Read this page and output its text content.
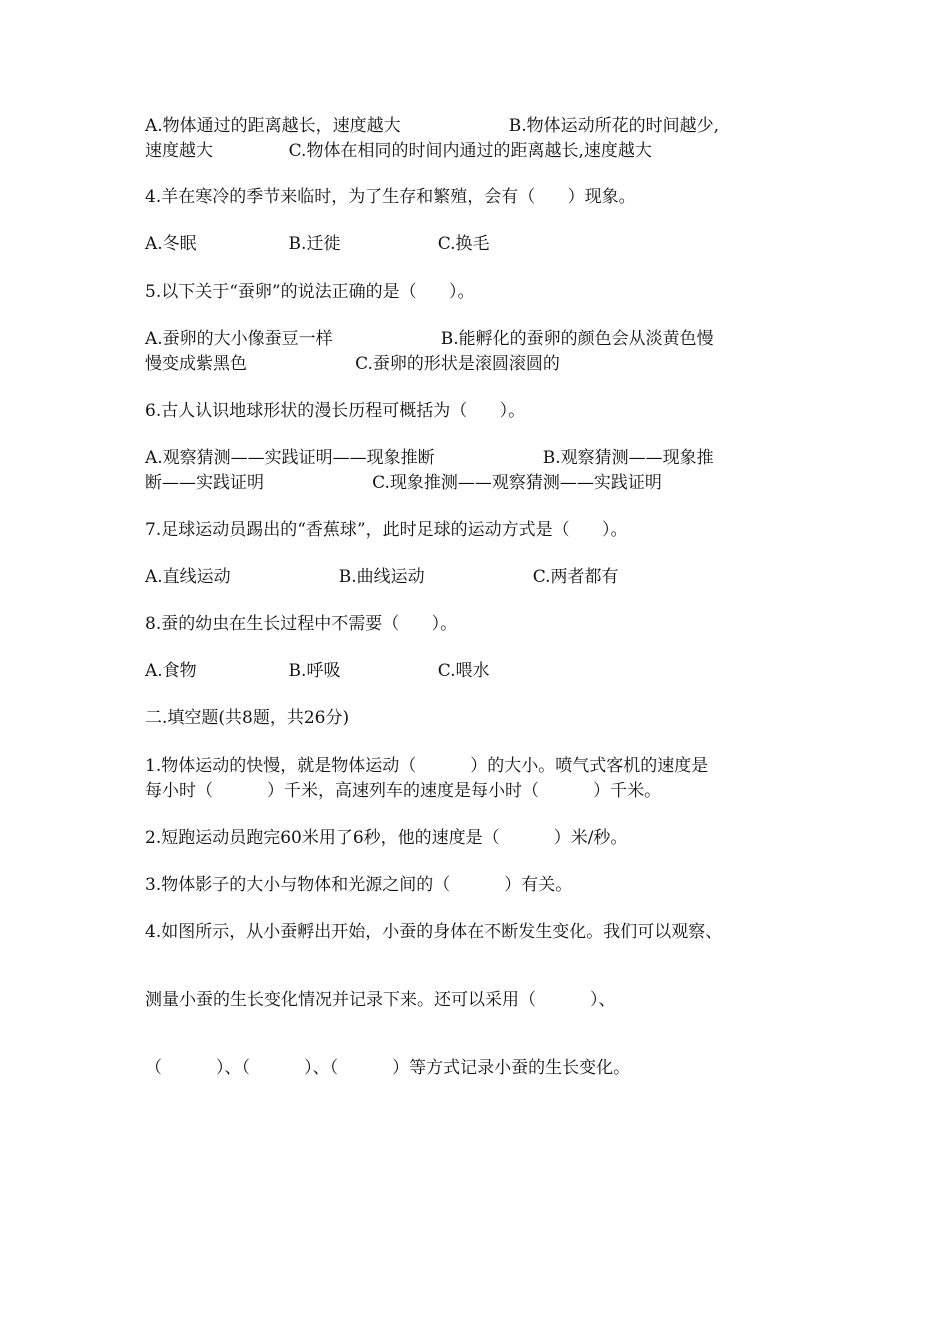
A.物体通过的距离越长，速度越大                    B.物体运动所花的时间越少,
速度越大              C.物体在相同的时间内通过的距离越长,速度越大
4.羊在寒冷的季节来临时，为了生存和繁殖，会有（      ）现象。
A.冬眠                 B.迁徙                  C.换毛
5.以下关于“蚕卵”的说法正确的是（      ）。
A.蚕卵的大小像蚕豆一样                    B.能孵化的蚕卵的颜色会从淡黄色慢
慢变成紫黑色                    C.蚕卵的形状是滚圆滚圆的
6.古人认识地球形状的漫长历程可概括为（      ）。
A.观察猜测——实践证明——现象推断                    B.观察猜测——现象推
断——实践证明                    C.现象推测——观察猜测——实践证明
7.足球运动员踢出的“香蕉球”，此时足球的运动方式是（      ）。
A.直线运动                    B.曲线运动                    C.两者都有
8.蚕的幼虫在生长过程中不需要（      ）。
A.食物                 B.呼吸                  C.喂水
二.填空题(共8题，共26分)
1.物体运动的快慢，就是物体运动（          ）的大小。喷气式客机的速度是
每小时（          ）千米，高速列车的速度是每小时（          ）千米。
2.短跑运动员跑完60米用了6秒，他的速度是（          ）米/秒。
3.物体影子的大小与物体和光源之间的（          ）有关。
4.如图所示，从小蚕孵出开始，小蚕的身体在不断发生变化。我们可以观察、
测量小蚕的生长变化情况并记录下来。还可以采用（          ）、
（          ）、（          ）、（          ）等方式记录小蚕的生长变化。
